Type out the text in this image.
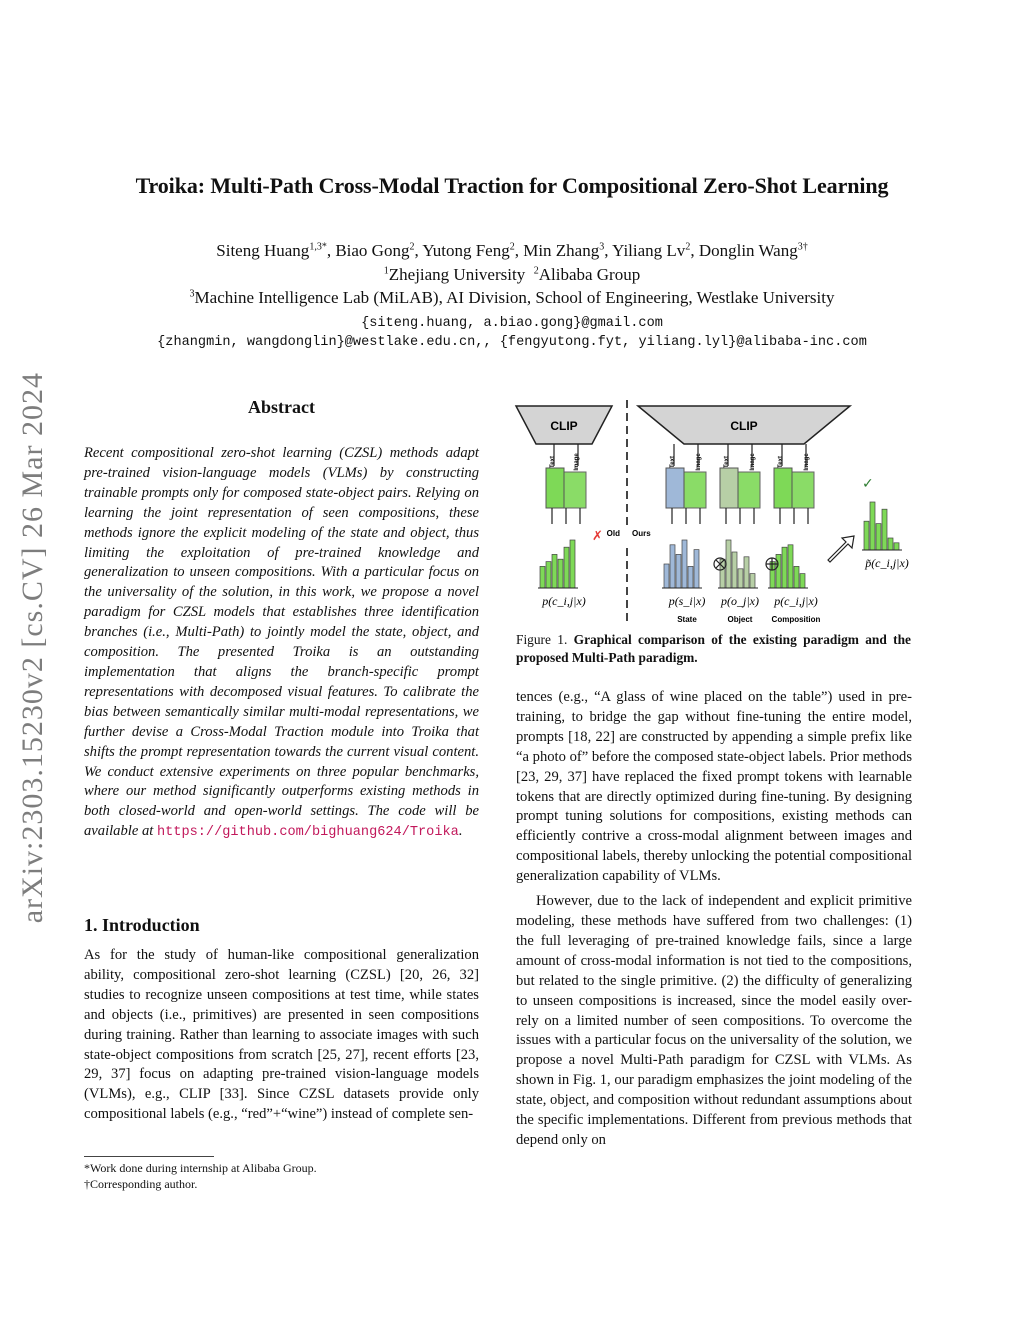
Troika: Multi-Path Cross-Modal Traction for Compositional Zero-Shot Learning
Siteng Huang$^{1,3*}$, Biao Gong$^2$, Yutong Feng$^2$, Min Zhang$^3$, Yiliang Lv$^2$, Donglin Wang$^{3\dagger}$
$^1$Zhejiang University $^2$Alibaba Group
$^3$Machine Intelligence Lab (MiLAB), AI Division, School of Engineering, Westlake University
{siteng.huang, a.biao.gong}@gmail.com
{zhangmin, wangdonglin}@westlake.edu.cn,, {fengyutong.fyt, yiliang.lyl}@alibaba-inc.com
arXiv:2303.15230v2 [cs.CV] 26 Mar 2024	Abstract
Recent compositional zero-shot learning (CZSL) methods adapt pre-trained vision-language models (VLMs) by constructing trainable prompts only for composed state-object pairs. Relying on learning the joint representation of seen compositions, these methods ignore the explicit modeling of the state and object, thus limiting the exploitation of pre-trained knowledge and generalization to unseen compositions. With a particular focus on the universality of the solution, in this work, we propose a novel paradigm for CZSL models that establishes three identification branches (i.e., Multi-Path) to jointly model the state, object, and composition. The presented Troika is an outstanding implementation that aligns the branch-specific prompt representations with decomposed visual features. To calibrate the bias between semantically similar multi-modal representations, we further devise a Cross-Modal Traction module into Troika that shifts the prompt representation towards the current visual content. We conduct extensive experiments on three popular benchmarks, where our method significantly outperforms existing methods in both closed-world and open-world settings. The code will be available at https://github.com/bighuang624/Troika.
1. Introduction
As for the study of human-like compositional generalization ability, compositional zero-shot learning (CZSL) [20, 26, 32] studies to recognize unseen compositions at test time, while states and objects (i.e., primitives) are presented in seen compositions during training. Rather than learning to associate images with such state-object compositions from scratch [25, 27], recent efforts [23, 29, 37] focus on adapting pre-trained vision-language models (VLMs), e.g., CLIP [33]. Since CZSL datasets provide only compositional labels (e.g., “red”+“wine”) instead of complete sen-
*Work done during internship at Alibaba Group.
†Corresponding author.
CLIP	CLIP
Text	Image	Text	Image	Text	Image	Text	Image
Old Ours
✗
✓
p(c_i,j|x)	p(s_i|x) p(o_j|x) p(c_i,j|x)
p̃(c_i,j|x)
State	Object Composition
Figure 1. Graphical comparison of the existing paradigm and the proposed Multi-Path paradigm.

tences (e.g., “A glass of wine placed on the table”) used in pre-training, to bridge the gap without fine-tuning the entire model, prompts [18, 22] are constructed by appending a simple prefix like “a photo of” before the composed state-object labels. Prior methods [23, 29, 37] have replaced the fixed prompt tokens with learnable tokens that are directly optimized during fine-tuning. By designing prompt tuning solutions for compositions, existing methods can efficiently contrive a cross-modal alignment between images and compositional labels, thereby unlocking the potential compositional generalization capability of VLMs.

However, due to the lack of independent and explicit primitive modeling, these methods have suffered from two challenges: (1) the full leveraging of pre-trained knowledge fails, since a large amount of cross-modal information is not tied to the compositions, but related to the single primitive. (2) the difficulty of generalizing to unseen compositions is increased, since the model easily over-rely on a limited number of seen compositions. To overcome the issues with a particular focus on the universality of the solution, we propose a novel Multi-Path paradigm for CZSL with VLMs. As shown in Fig. 1, our paradigm emphasizes the joint modeling of the state, object, and composition without redundant assumptions about the specific implementations. Different from previous methods that depend only on
